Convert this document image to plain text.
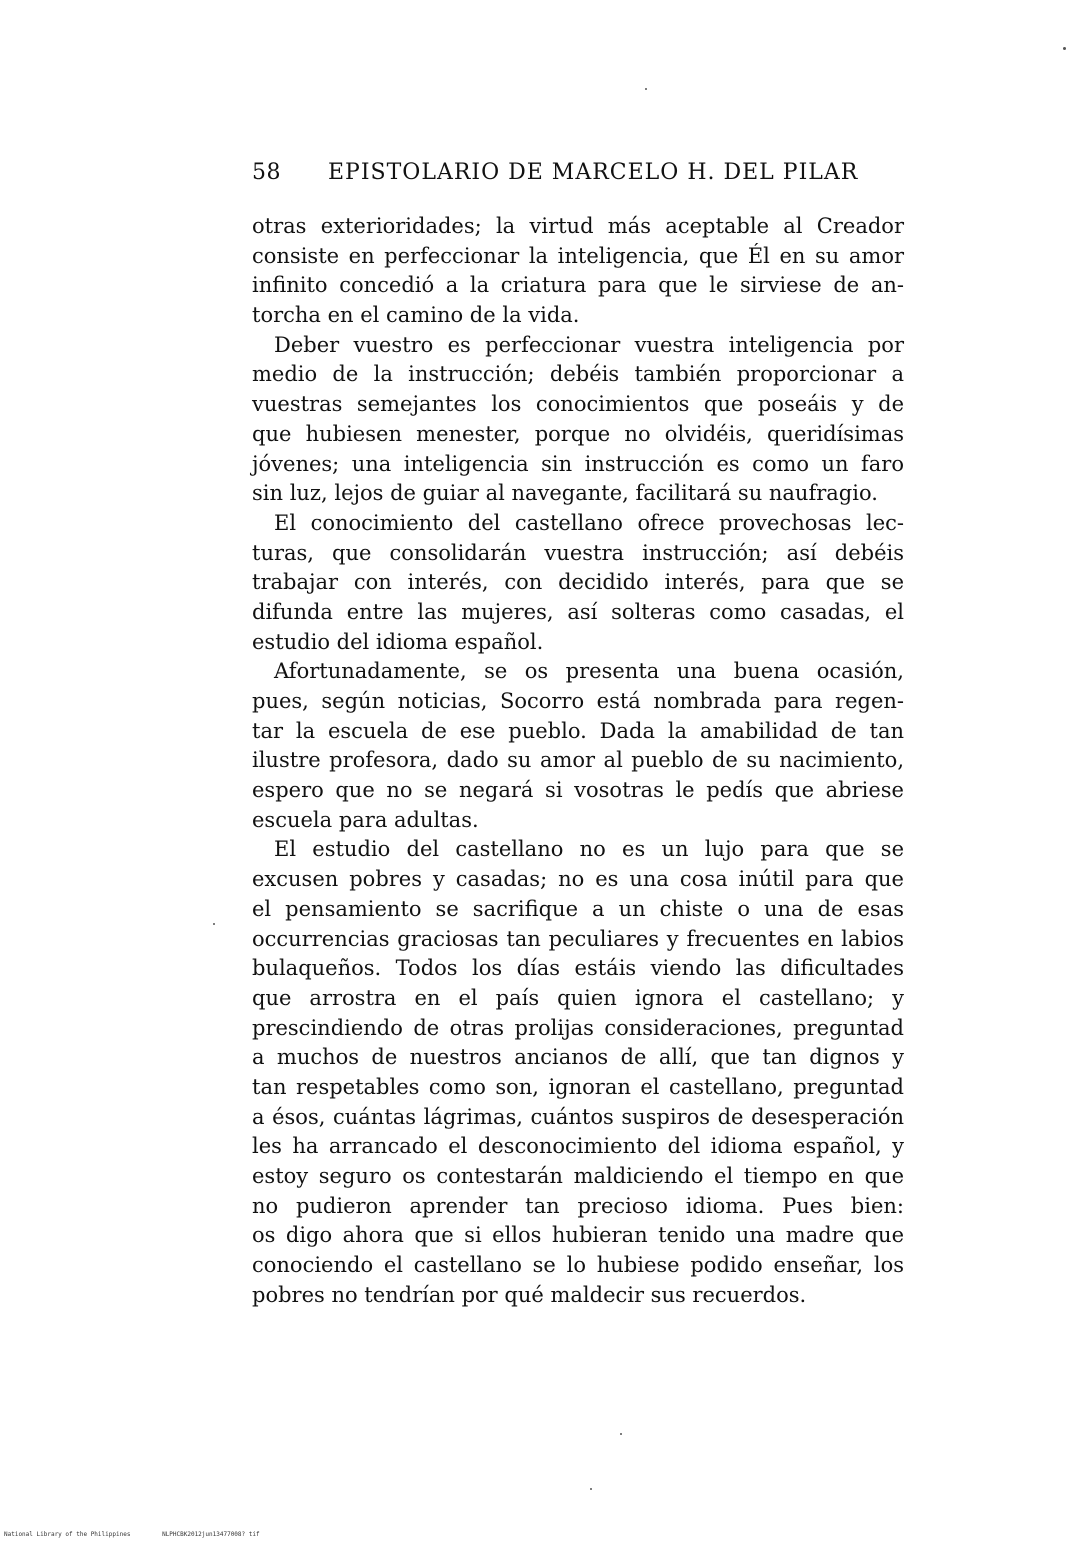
58 EPISTOLARIO DE MARCELO H. DEL PILAR
otras exterioridades; la virtud más aceptable al Creador
consiste en perfeccionar la inteligencia, que Él en su amor
infinito concedió a la criatura para que le sirviese de an-
torcha en el camino de la vida.
Deber vuestro es perfeccionar vuestra inteligencia por
medio de la instrucción; debéis también proporcionar a
vuestras semejantes los conocimientos que poseáis y de
que hubiesen menester, porque no olvidéis, queridísimas
jóvenes; una inteligencia sin instrucción es como un faro
sin luz, lejos de guiar al navegante, facilitará su naufragio.
El conocimiento del castellano ofrece provechosas lec-
turas, que consolidarán vuestra instrucción; así debéis
trabajar con interés, con decidido interés, para que se
difunda entre las mujeres, así solteras como casadas, el
estudio del idioma español.
Afortunadamente, se os presenta una buena ocasión,
pues, según noticias, Socorro está nombrada para regen-
tar la escuela de ese pueblo. Dada la amabilidad de tan
ilustre profesora, dado su amor al pueblo de su nacimiento,
espero que no se negará si vosotras le pedís que abriese
escuela para adultas.
El estudio del castellano no es un lujo para que se
excusen pobres y casadas; no es una cosa inútil para que
el pensamiento se sacrifique a un chiste o una de esas
occurrencias graciosas tan peculiares y frecuentes en labios
bulaqueños. Todos los días estáis viendo las dificultades
que arrostra en el país quien ignora el castellano; y
prescindiendo de otras prolijas consideraciones, preguntad
a muchos de nuestros ancianos de allí, que tan dignos y
tan respetables como son, ignoran el castellano, preguntad
a ésos, cuántas lágrimas, cuántos suspiros de desesperación
les ha arrancado el desconocimiento del idioma español, y
estoy seguro os contestarán maldiciendo el tiempo en que
no pudieron aprender tan precioso idioma. Pues bien:
os digo ahora que si ellos hubieran tenido una madre que
conociendo el castellano se lo hubiese podido enseñar, los
pobres no tendrían por qué maldecir sus recuerdos.
National Library of the Philippines	NLPHCBK2012jun13477008? tif
